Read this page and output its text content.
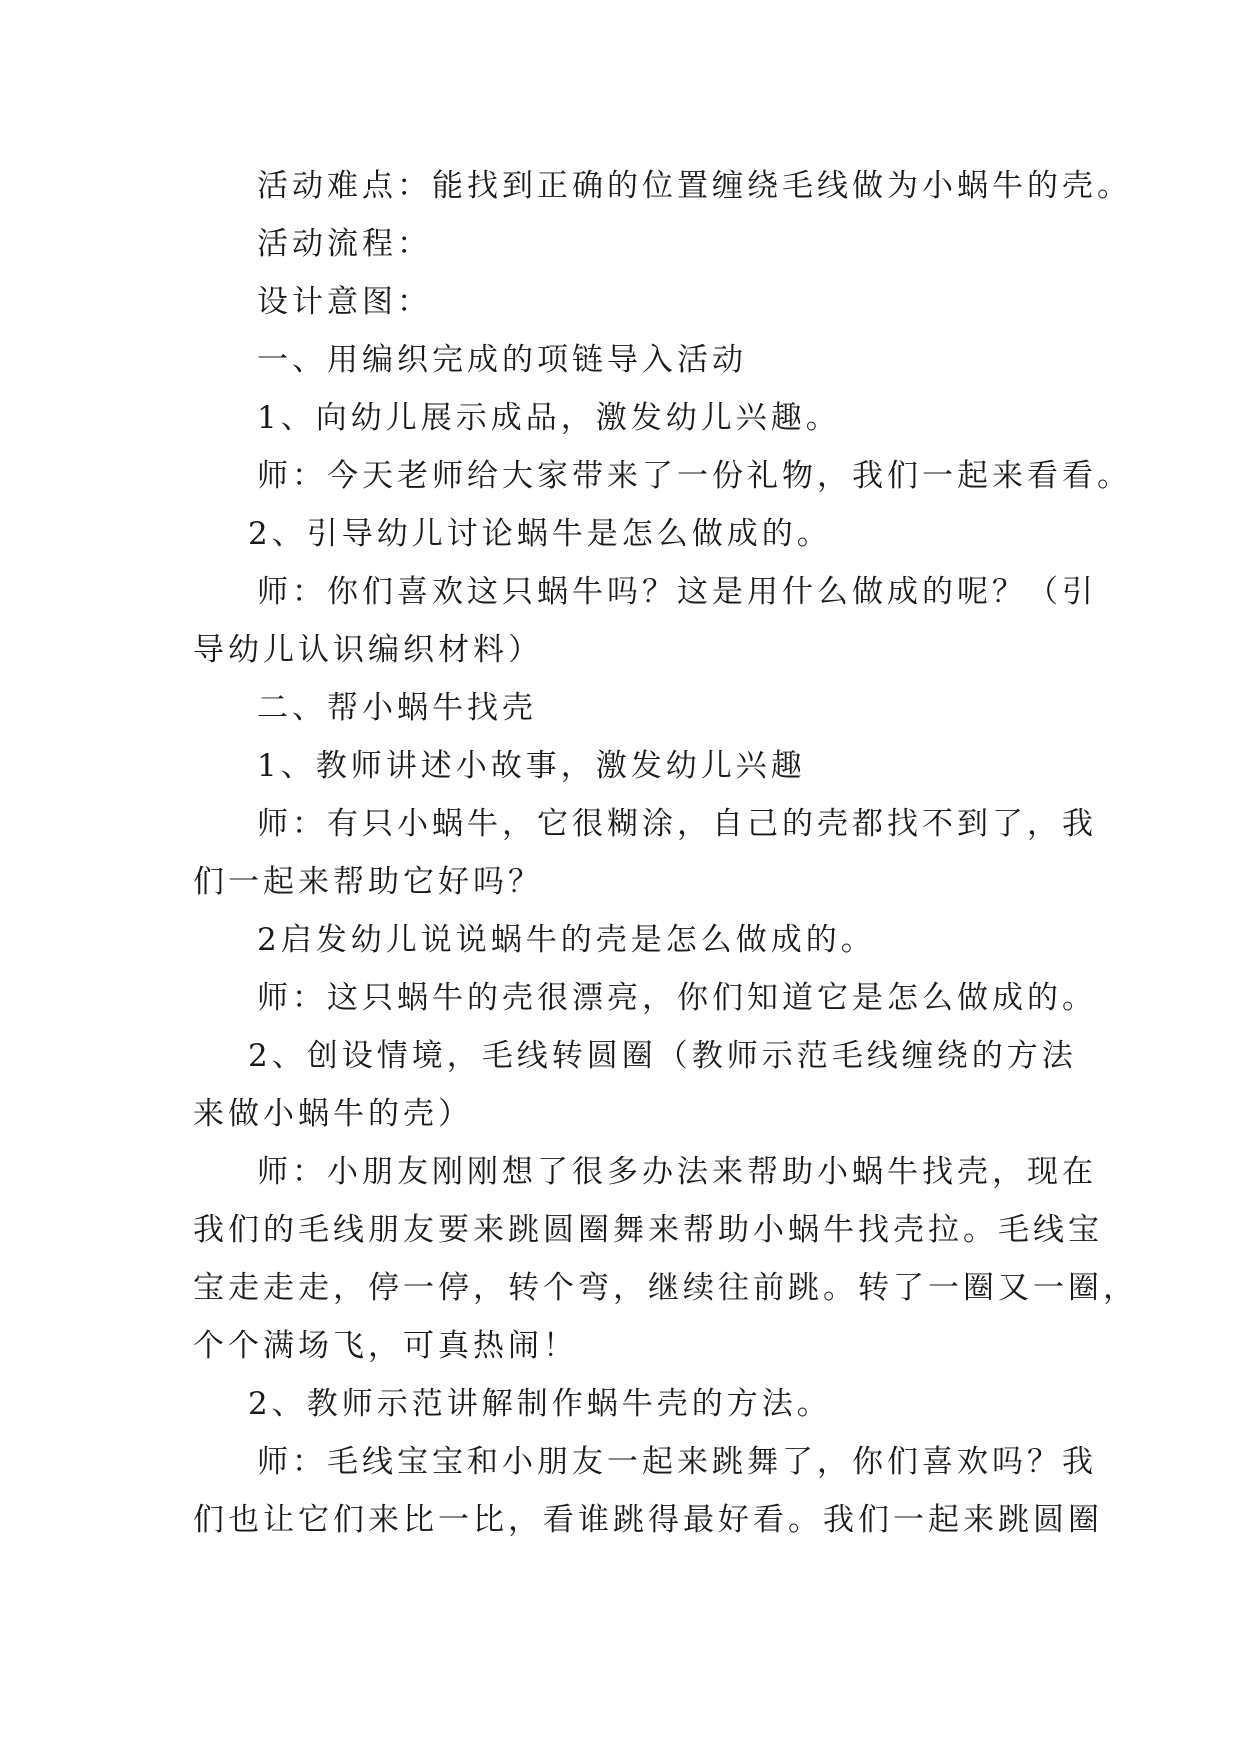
活动难点：能找到正确的位置缠绕毛线做为小蜗牛的壳。
活动流程：
设计意图：
一、用编织完成的项链导入活动
1、向幼儿展示成品，激发幼儿兴趣。
师：今天老师给大家带来了一份礼物，我们一起来看看。
2、引导幼儿讨论蜗牛是怎么做成的。
师：你们喜欢这只蜗牛吗？这是用什么做成的呢？（引
导幼儿认识编织材料）
二、帮小蜗牛找壳
1、教师讲述小故事，激发幼儿兴趣
师：有只小蜗牛，它很糊涂，自己的壳都找不到了，我
们一起来帮助它好吗？
2启发幼儿说说蜗牛的壳是怎么做成的。
师：这只蜗牛的壳很漂亮，你们知道它是怎么做成的。
2、创设情境，毛线转圆圈（教师示范毛线缠绕的方法
来做小蜗牛的壳）
师：小朋友刚刚想了很多办法来帮助小蜗牛找壳，现在
我们的毛线朋友要来跳圆圈舞来帮助小蜗牛找壳拉。毛线宝
宝走走走，停一停，转个弯，继续往前跳。转了一圈又一圈，
个个满场飞，可真热闹！
2、教师示范讲解制作蜗牛壳的方法。
师：毛线宝宝和小朋友一起来跳舞了，你们喜欢吗？我
们也让它们来比一比，看谁跳得最好看。我们一起来跳圆圈
